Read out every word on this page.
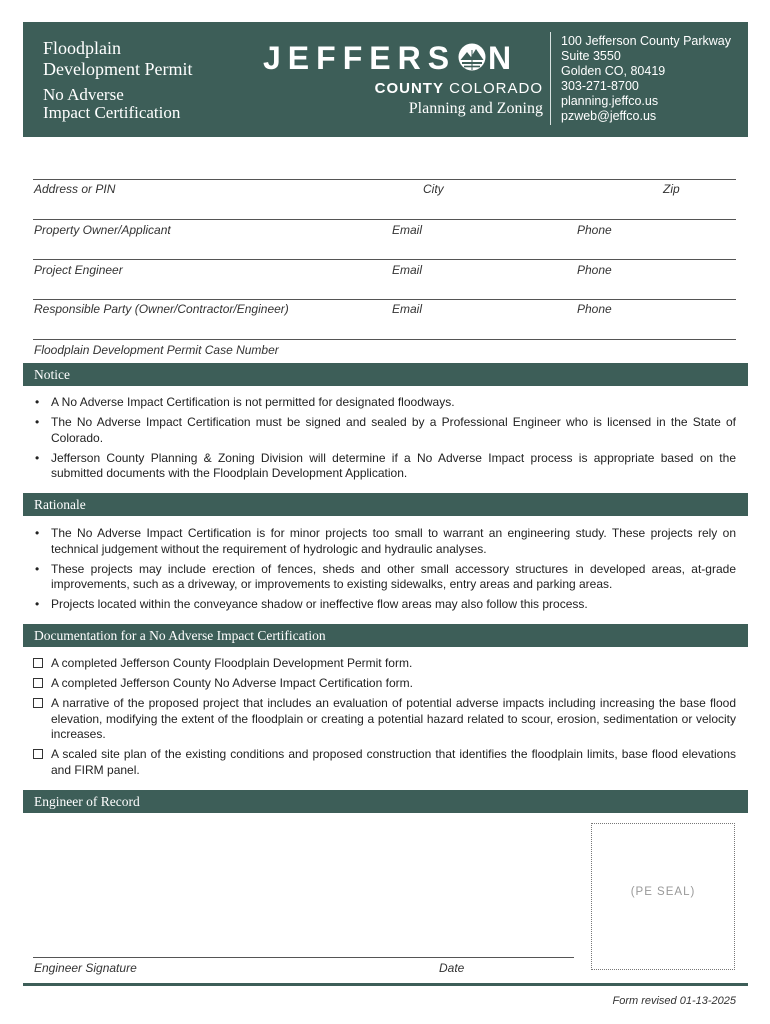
Floodplain
Development Permit
No Adverse
Impact Certification
JEFFERS N
COUNTY COLORADO
Planning and Zoning
100 Jefferson County Parkway
Suite 3550
Golden CO, 80419
303-271-8700
planning.jeffco.us
pzweb@jeffco.us
Address or PIN	City	Zip
Property Owner/Applicant	Email	Phone
Project Engineer	Email	Phone
Responsible Party (Owner/Contractor/Engineer)	Email	Phone
Floodplain Development Permit Case Number
Notice
• A No Adverse Impact Certification is not permitted for designated floodways.
• The No Adverse Impact Certification must be signed and sealed by a Professional Engineer who is licensed in the State of Colorado.
• Jefferson County Planning & Zoning Division will determine if a No Adverse Impact process is appropriate based on the submitted documents with the Floodplain Development Application.
Rationale
• The No Adverse Impact Certification is for minor projects too small to warrant an engineering study. These projects rely on technical judgement without the requirement of hydrologic and hydraulic analyses.
• These projects may include erection of fences, sheds and other small accessory structures in developed areas, at-grade improvements, such as a driveway, or improvements to existing sidewalks, entry areas and parking areas.
• Projects located within the conveyance shadow or ineffective flow areas may also follow this process.
Documentation for a No Adverse Impact Certification
A completed Jefferson County Floodplain Development Permit form.
A completed Jefferson County No Adverse Impact Certification form.
A narrative of the proposed project that includes an evaluation of potential adverse impacts including increasing the base flood elevation, modifying the extent of the floodplain or creating a potential hazard related to scour, erosion, sedimentation or velocity increases.
A scaled site plan of the existing conditions and proposed construction that identifies the floodplain limits, base flood elevations and FIRM panel.
Engineer of Record
(PE SEAL)
Engineer Signature	Date
Form revised 01-13-2025
